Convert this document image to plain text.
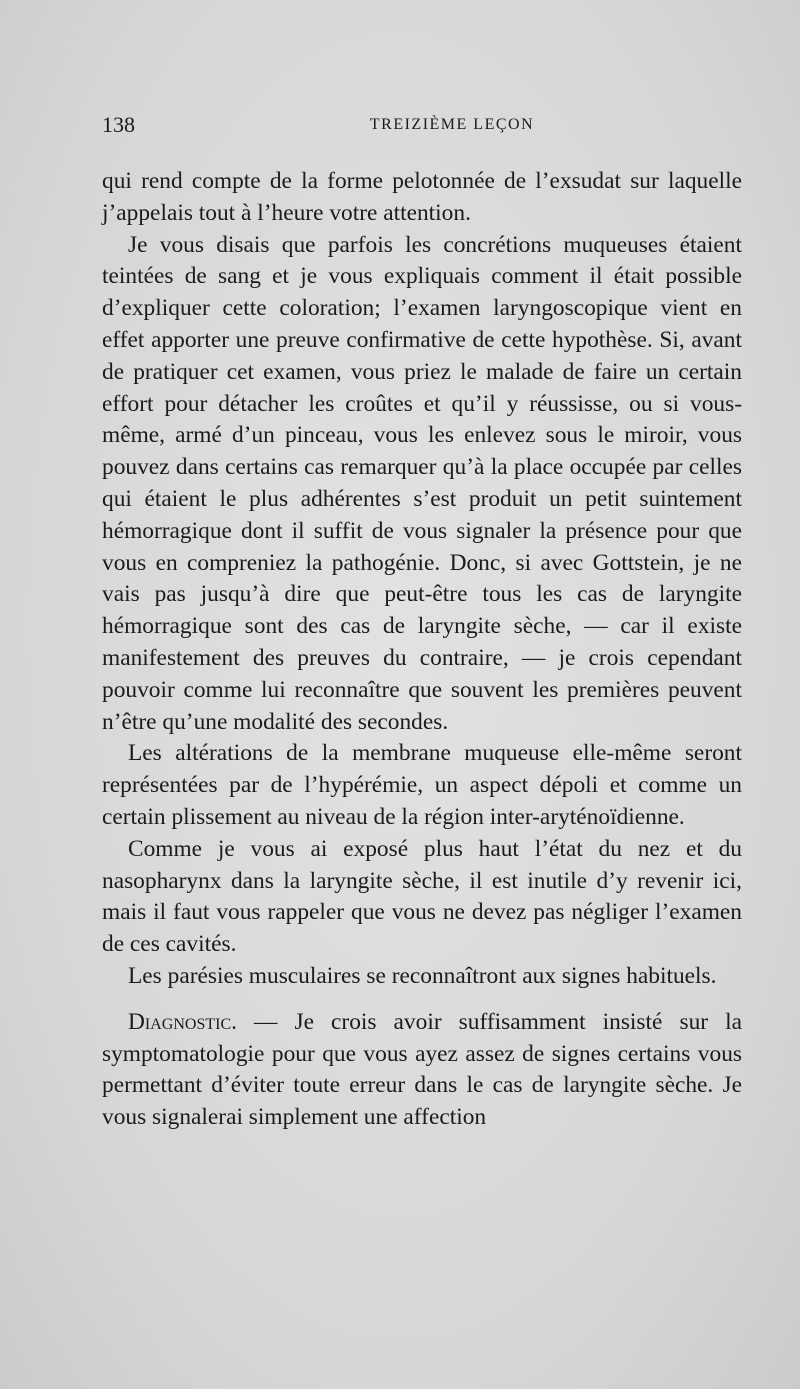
138	TREIZIÈME LEÇON

qui rend compte de la forme pelotonnée de l’exsudat sur laquelle j’appelais tout à l’heure votre attention.

Je vous disais que parfois les concrétions muqueuses étaient teintées de sang et je vous expliquais comment il était possible d’expliquer cette coloration; l’examen laryngoscopique vient en effet apporter une preuve confirmative de cette hypothèse. Si, avant de pratiquer cet examen, vous priez le malade de faire un certain effort pour détacher les croûtes et qu’il y réussisse, ou si vous-même, armé d’un pinceau, vous les enlevez sous le miroir, vous pouvez dans certains cas remarquer qu’à la place occupée par celles qui étaient le plus adhérentes s’est produit un petit suintement hémorragique dont il suffit de vous signaler la présence pour que vous en compreniez la pathogénie. Donc, si avec Gottstein, je ne vais pas jusqu’à dire que peut-être tous les cas de laryngite hémorragique sont des cas de laryngite sèche, — car il existe manifestement des preuves du contraire, — je crois cependant pouvoir comme lui reconnaître que souvent les premières peuvent n’être qu’une modalité des secondes.

Les altérations de la membrane muqueuse elle-même seront représentées par de l’hypérémie, un aspect dépoli et comme un certain plissement au niveau de la région inter-aryténoïdienne.

Comme je vous ai exposé plus haut l’état du nez et du nasopharynx dans la laryngite sèche, il est inutile d’y revenir ici, mais il faut vous rappeler que vous ne devez pas négliger l’examen de ces cavités.

Les parésies musculaires se reconnaîtront aux signes habituels.

Diagnostic. — Je crois avoir suffisamment insisté sur la symptomatologie pour que vous ayez assez de signes certains vous permettant d’éviter toute erreur dans le cas de laryngite sèche. Je vous signalerai simplement une affection
